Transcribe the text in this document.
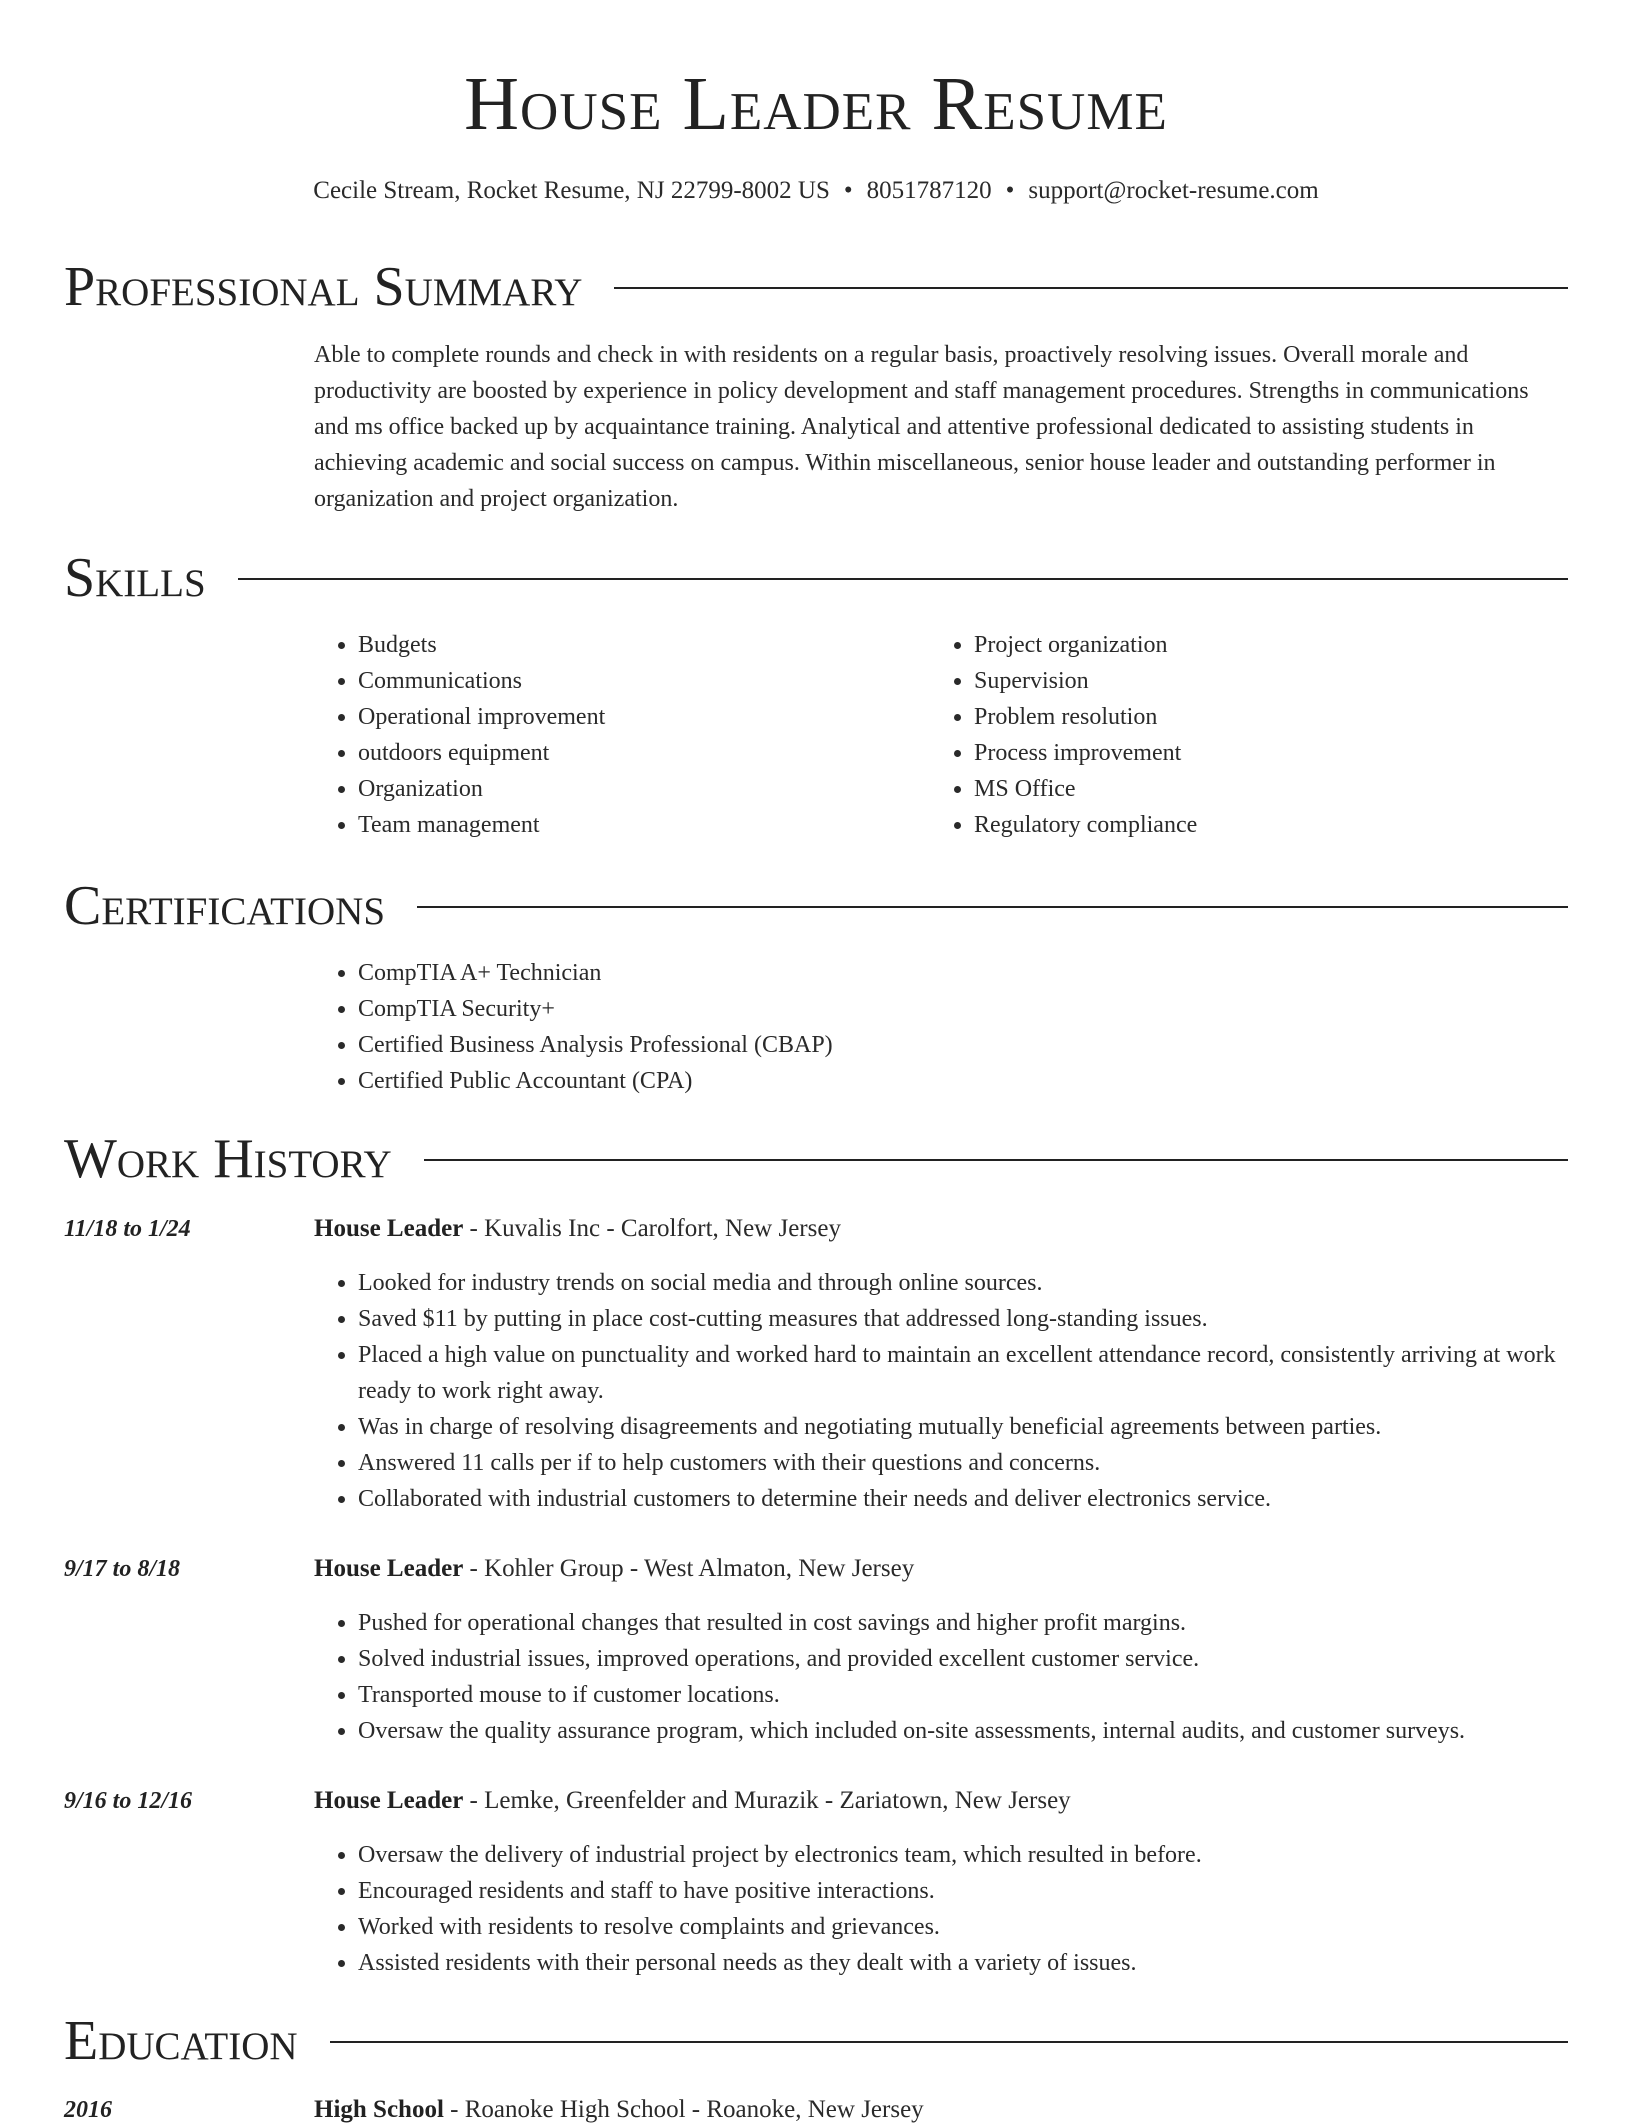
House Leader Resume
Cecile Stream, Rocket Resume, NJ 22799-8002 US • 8051787120 • support@rocket-resume.com
Professional Summary
Able to complete rounds and check in with residents on a regular basis, proactively resolving issues. Overall morale and productivity are boosted by experience in policy development and staff management procedures. Strengths in communications and ms office backed up by acquaintance training. Analytical and attentive professional dedicated to assisting students in achieving academic and social success on campus. Within miscellaneous, senior house leader and outstanding performer in organization and project organization.
Skills
• Budgets
• Communications
• Operational improvement
• outdoors equipment
• Organization
• Team management
• Project organization
• Supervision
• Problem resolution
• Process improvement
• MS Office
• Regulatory compliance
Certifications
• CompTIA A+ Technician
• CompTIA Security+
• Certified Business Analysis Professional (CBAP)
• Certified Public Accountant (CPA)
Work History
11/18 to 1/24	House Leader - Kuvalis Inc - Carolfort, New Jersey
• Looked for industry trends on social media and through online sources.
• Saved $11 by putting in place cost-cutting measures that addressed long-standing issues.
• Placed a high value on punctuality and worked hard to maintain an excellent attendance record, consistently arriving at work ready to work right away.
• Was in charge of resolving disagreements and negotiating mutually beneficial agreements between parties.
• Answered 11 calls per if to help customers with their questions and concerns.
• Collaborated with industrial customers to determine their needs and deliver electronics service.
9/17 to 8/18	House Leader - Kohler Group - West Almaton, New Jersey
• Pushed for operational changes that resulted in cost savings and higher profit margins.
• Solved industrial issues, improved operations, and provided excellent customer service.
• Transported mouse to if customer locations.
• Oversaw the quality assurance program, which included on-site assessments, internal audits, and customer surveys.
9/16 to 12/16	House Leader - Lemke, Greenfelder and Murazik - Zariatown, New Jersey
• Oversaw the delivery of industrial project by electronics team, which resulted in before.
• Encouraged residents and staff to have positive interactions.
• Worked with residents to resolve complaints and grievances.
• Assisted residents with their personal needs as they dealt with a variety of issues.
Education
2016	High School - Roanoke High School - Roanoke, New Jersey
